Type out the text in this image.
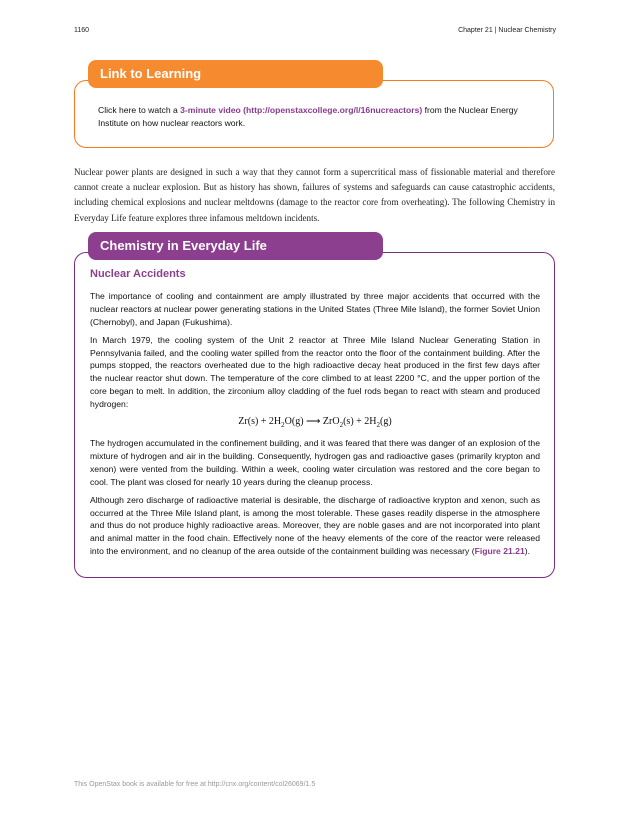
1160	Chapter 21 | Nuclear Chemistry
Link to Learning
Click here to watch a 3-minute video (http://openstaxcollege.org/l/16nucreactors) from the Nuclear Energy Institute on how nuclear reactors work.
Nuclear power plants are designed in such a way that they cannot form a supercritical mass of fissionable material and therefore cannot create a nuclear explosion. But as history has shown, failures of systems and safeguards can cause catastrophic accidents, including chemical explosions and nuclear meltdowns (damage to the reactor core from overheating). The following Chemistry in Everyday Life feature explores three infamous meltdown incidents.
Chemistry in Everyday Life
Nuclear Accidents

The importance of cooling and containment are amply illustrated by three major accidents that occurred with the nuclear reactors at nuclear power generating stations in the United States (Three Mile Island), the former Soviet Union (Chernobyl), and Japan (Fukushima).

In March 1979, the cooling system of the Unit 2 reactor at Three Mile Island Nuclear Generating Station in Pennsylvania failed, and the cooling water spilled from the reactor onto the floor of the containment building. After the pumps stopped, the reactors overheated due to the high radioactive decay heat produced in the first few days after the nuclear reactor shut down. The temperature of the core climbed to at least 2200 °C, and the upper portion of the core began to melt. In addition, the zirconium alloy cladding of the fuel rods began to react with steam and produced hydrogen:

$Zr(s) + 2H_2O(g)$ ⟶ $ZrO_2(s) + 2H_2(g)$

The hydrogen accumulated in the confinement building, and it was feared that there was danger of an explosion of the mixture of hydrogen and air in the building. Consequently, hydrogen gas and radioactive gases (primarily krypton and xenon) were vented from the building. Within a week, cooling water circulation was restored and the core began to cool. The plant was closed for nearly 10 years during the cleanup process.

Although zero discharge of radioactive material is desirable, the discharge of radioactive krypton and xenon, such as occurred at the Three Mile Island plant, is among the most tolerable. These gases readily disperse in the atmosphere and thus do not produce highly radioactive areas. Moreover, they are noble gases and are not incorporated into plant and animal matter in the food chain. Effectively none of the heavy elements of the core of the reactor were released into the environment, and no cleanup of the area outside of the containment building was necessary (Figure 21.21).

This OpenStax book is available for free at http://cnx.org/content/col26069/1.5
